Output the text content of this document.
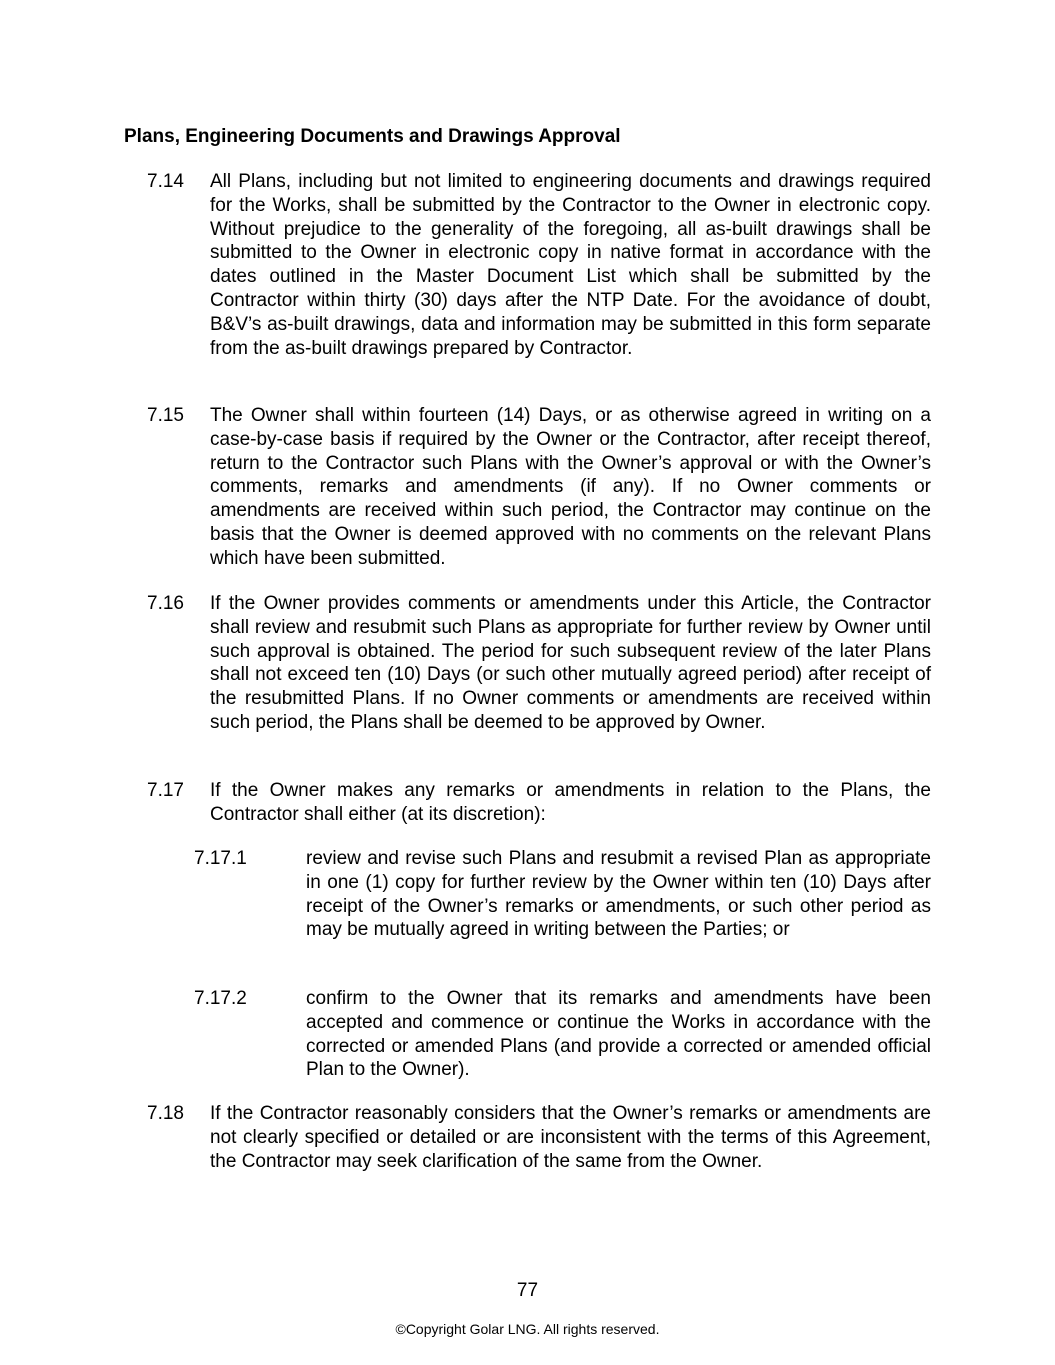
Plans, Engineering Documents and Drawings Approval
7.14 All Plans, including but not limited to engineering documents and drawings required for the Works, shall be submitted by the Contractor to the Owner in electronic copy. Without prejudice to the generality of the foregoing, all as-built drawings shall be submitted to the Owner in electronic copy in native format in accordance with the dates outlined in the Master Document List which shall be submitted by the Contractor within thirty (30) days after the NTP Date. For the avoidance of doubt, B&V’s as-built drawings, data and information may be submitted in this form separate from the as-built drawings prepared by Contractor.
7.15 The Owner shall within fourteen (14) Days, or as otherwise agreed in writing on a case-by-case basis if required by the Owner or the Contractor, after receipt thereof, return to the Contractor such Plans with the Owner’s approval or with the Owner’s comments, remarks and amendments (if any). If no Owner comments or amendments are received within such period, the Contractor may continue on the basis that the Owner is deemed approved with no comments on the relevant Plans which have been submitted.
7.16 If the Owner provides comments or amendments under this Article, the Contractor shall review and resubmit such Plans as appropriate for further review by Owner until such approval is obtained. The period for such subsequent review of the later Plans shall not exceed ten (10) Days (or such other mutually agreed period) after receipt of the resubmitted Plans. If no Owner comments or amendments are received within such period, the Plans shall be deemed to be approved by Owner.
7.17 If the Owner makes any remarks or amendments in relation to the Plans, the Contractor shall either (at its discretion):
7.17.1	review and revise such Plans and resubmit a revised Plan as appropriate in one (1) copy for further review by the Owner within ten (10) Days after receipt of the Owner’s remarks or amendments, or such other period as may be mutually agreed in writing between the Parties; or
7.17.2	confirm to the Owner that its remarks and amendments have been accepted and commence or continue the Works in accordance with the corrected or amended Plans (and provide a corrected or amended official Plan to the Owner).
7.18 If the Contractor reasonably considers that the Owner’s remarks or amendments are not clearly specified or detailed or are inconsistent with the terms of this Agreement, the Contractor may seek clarification of the same from the Owner.
77
©Copyright Golar LNG. All rights reserved.
